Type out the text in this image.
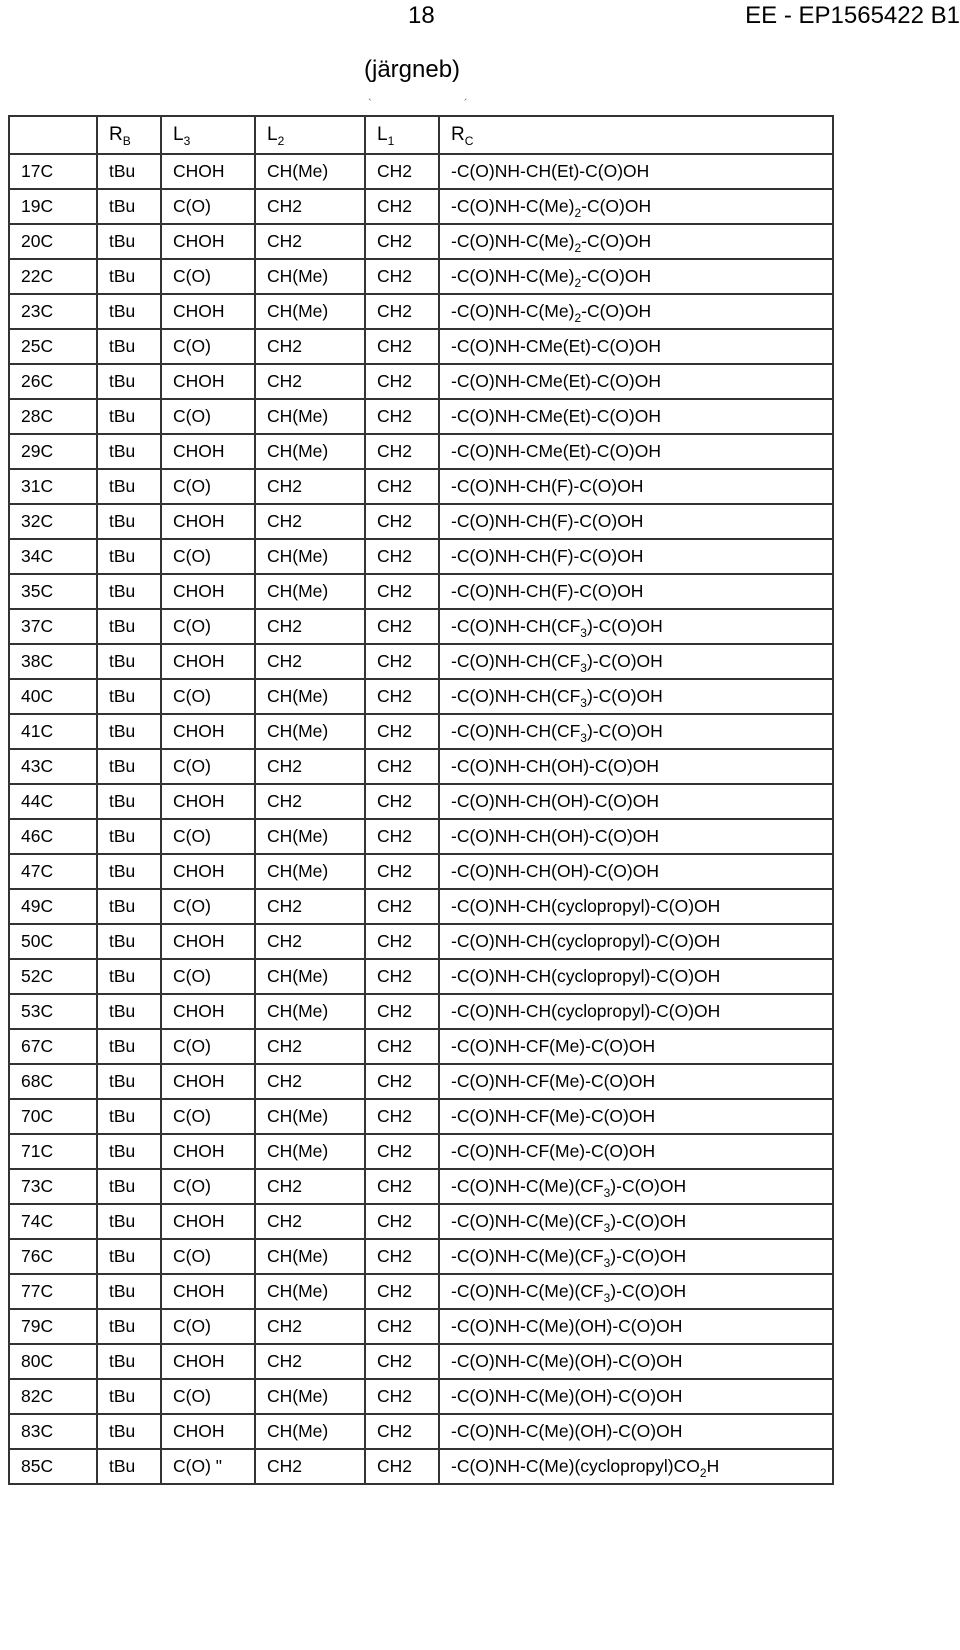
18	EE - EP1565422 B1
(järgneb)
`	´
	$R_B$	$L_3$	$L_2$	$L_1$	$R_C$
17C	tBu	CHOH	CH(Me)	CH2	-C(O)NH-CH(Et)-C(O)OH
19C	tBu	C(O)	CH2	CH2	$-C(O)NH-C(Me)_2-C(O)OH$
20C	tBu	CHOH	CH2	CH2	$-C(O)NH-C(Me)_2-C(O)OH$
22C	tBu	C(O)	CH(Me)	CH2	$-C(O)NH-C(Me)_2-C(O)OH$
23C	tBu	CHOH	CH(Me)	CH2	$-C(O)NH-C(Me)_2-C(O)OH$
25C	tBu	C(O)	CH2	CH2	-C(O)NH-CMe(Et)-C(O)OH
26C	tBu	CHOH	CH2	CH2	-C(O)NH-CMe(Et)-C(O)OH
28C	tBu	C(O)	CH(Me)	CH2	-C(O)NH-CMe(Et)-C(O)OH
29C	tBu	CHOH	CH(Me)	CH2	-C(O)NH-CMe(Et)-C(O)OH
31C	tBu	C(O)	CH2	CH2	-C(O)NH-CH(F)-C(O)OH
32C	tBu	CHOH	CH2	CH2	-C(O)NH-CH(F)-C(O)OH
34C	tBu	C(O)	CH(Me)	CH2	-C(O)NH-CH(F)-C(O)OH
35C	tBu	CHOH	CH(Me)	CH2	-C(O)NH-CH(F)-C(O)OH
37C	tBu	C(O)	CH2	CH2	$-C(O)NH-CH(CF_3)-C(O)OH$
38C	tBu	CHOH	CH2	CH2	$-C(O)NH-CH(CF_3)-C(O)OH$
40C	tBu	C(O)	CH(Me)	CH2	$-C(O)NH-CH(CF_3)-C(O)OH$
41C	tBu	CHOH	CH(Me)	CH2	$-C(O)NH-CH(CF_3)-C(O)OH$
43C	tBu	C(O)	CH2	CH2	-C(O)NH-CH(OH)-C(O)OH
44C	tBu	CHOH	CH2	CH2	-C(O)NH-CH(OH)-C(O)OH
46C	tBu	C(O)	CH(Me)	CH2	-C(O)NH-CH(OH)-C(O)OH
47C	tBu	CHOH	CH(Me)	CH2	-C(O)NH-CH(OH)-C(O)OH
49C	tBu	C(O)	CH2	CH2	-C(O)NH-CH(cyclopropyl)-C(O)OH
50C	tBu	CHOH	CH2	CH2	-C(O)NH-CH(cyclopropyl)-C(O)OH
52C	tBu	C(O)	CH(Me)	CH2	-C(O)NH-CH(cyclopropyl)-C(O)OH
53C	tBu	CHOH	CH(Me)	CH2	-C(O)NH-CH(cyclopropyl)-C(O)OH
67C	tBu	C(O)	CH2	CH2	-C(O)NH-CF(Me)-C(O)OH
68C	tBu	CHOH	CH2	CH2	-C(O)NH-CF(Me)-C(O)OH
70C	tBu	C(O)	CH(Me)	CH2	-C(O)NH-CF(Me)-C(O)OH
71C	tBu	CHOH	CH(Me)	CH2	-C(O)NH-CF(Me)-C(O)OH
73C	tBu	C(O)	CH2	CH2	$-C(O)NH-C(Me)(CF_3)-C(O)OH$
74C	tBu	CHOH	CH2	CH2	$-C(O)NH-C(Me)(CF_3)-C(O)OH$
76C	tBu	C(O)	CH(Me)	CH2	$-C(O)NH-C(Me)(CF_3)-C(O)OH$
77C	tBu	CHOH	CH(Me)	CH2	$-C(O)NH-C(Me)(CF_3)-C(O)OH$
79C	tBu	C(O)	CH2	CH2	-C(O)NH-C(Me)(OH)-C(O)OH
80C	tBu	CHOH	CH2	CH2	-C(O)NH-C(Me)(OH)-C(O)OH
82C	tBu	C(O)	CH(Me)	CH2	-C(O)NH-C(Me)(OH)-C(O)OH
83C	tBu	CHOH	CH(Me)	CH2	-C(O)NH-C(Me)(OH)-C(O)OH
85C	tBu	C(O) "	CH2	CH2	$-C(O)NH-C(Me)(cyclopropyl)CO_2H$
